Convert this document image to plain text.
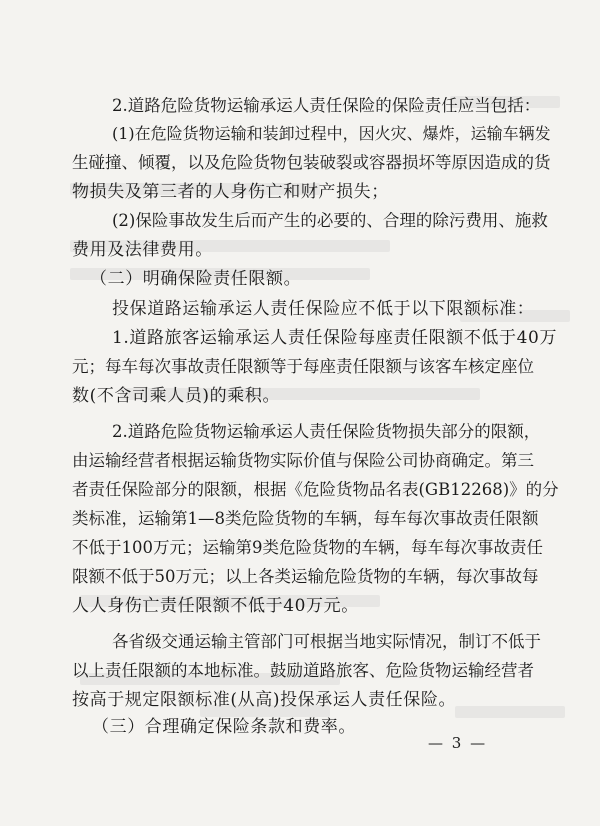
2.道路危险货物运输承运人责任保险的保险责任应当包括：
(1)在危险货物运输和装卸过程中，因火灾、爆炸，运输车辆发
生碰撞、倾覆，以及危险货物包装破裂或容器损坏等原因造成的货
物损失及第三者的人身伤亡和财产损失；
(2)保险事故发生后而产生的必要的、合理的除污费用、施救
费用及法律费用。
（二）明确保险责任限额。
投保道路运输承运人责任保险应不低于以下限额标准：
1.道路旅客运输承运人责任保险每座责任限额不低于40万
元；每车每次事故责任限额等于每座责任限额与该客车核定座位
数(不含司乘人员)的乘积。
2.道路危险货物运输承运人责任保险货物损失部分的限额，
由运输经营者根据运输货物实际价值与保险公司协商确定。第三
者责任保险部分的限额，根据《危险货物品名表(GB12268)》的分
类标准，运输第1—8类危险货物的车辆，每车每次事故责任限额
不低于100万元；运输第9类危险货物的车辆，每车每次事故责任
限额不低于50万元；以上各类运输危险货物的车辆，每次事故每
人人身伤亡责任限额不低于40万元。
各省级交通运输主管部门可根据当地实际情况，制订不低于
以上责任限额的本地标准。鼓励道路旅客、危险货物运输经营者
按高于规定限额标准(从高)投保承运人责任保险。
（三）合理确定保险条款和费率。
— 3 —
